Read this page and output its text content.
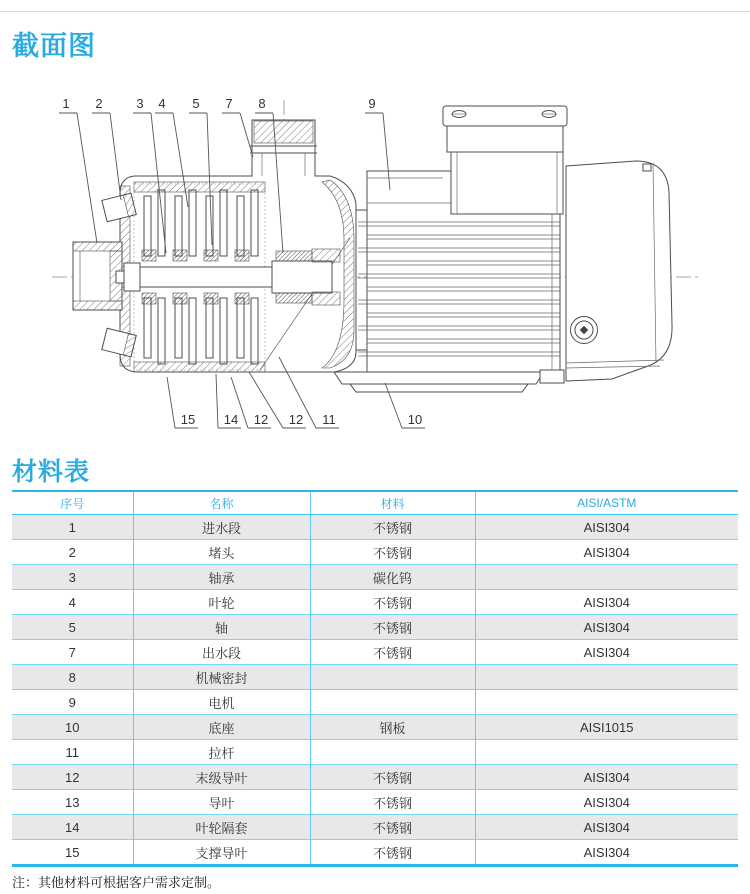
截面图
1 2	3 4 5 7 8	9
15 14 12 12 11	10
材料表
序号	名称	材料	AISI/ASTM
1	进水段	不锈钢	AISI304
2	堵头	不锈钢	AISI304
3	轴承	碳化钨	
4	叶轮	不锈钢	AISI304
5	轴	不锈钢	AISI304
7	出水段	不锈钢	AISI304
8	机械密封		
9	电机		
10	底座	钢板	AISI1015
11	拉杆		
12	末级导叶	不锈钢	AISI304
13	导叶	不锈钢	AISI304
14	叶轮隔套	不锈钢	AISI304
15	支撑导叶	不锈钢	AISI304
注：其他材料可根据客户需求定制。
